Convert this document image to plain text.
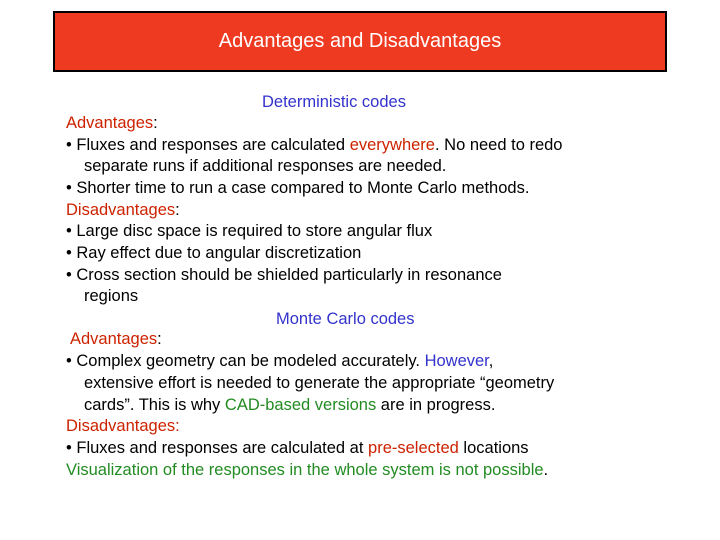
Advantages and Disadvantages
Deterministic codes
Advantages:
• Fluxes and responses are calculated everywhere. No need to redo
separate runs if additional responses are needed.
• Shorter time to run a case compared to Monte Carlo methods.
Disadvantages:
• Large disc space is required to store angular flux
• Ray effect due to angular discretization
• Cross section should be shielded particularly in resonance
regions
Monte Carlo codes
Advantages:
• Complex geometry can be modeled accurately. However,
extensive effort is needed to generate the appropriate “geometry
cards”. This is why CAD-based versions are in progress.
Disadvantages:
• Fluxes and responses are calculated at pre-selected locations
Visualization of the responses in the whole system is not possible.
